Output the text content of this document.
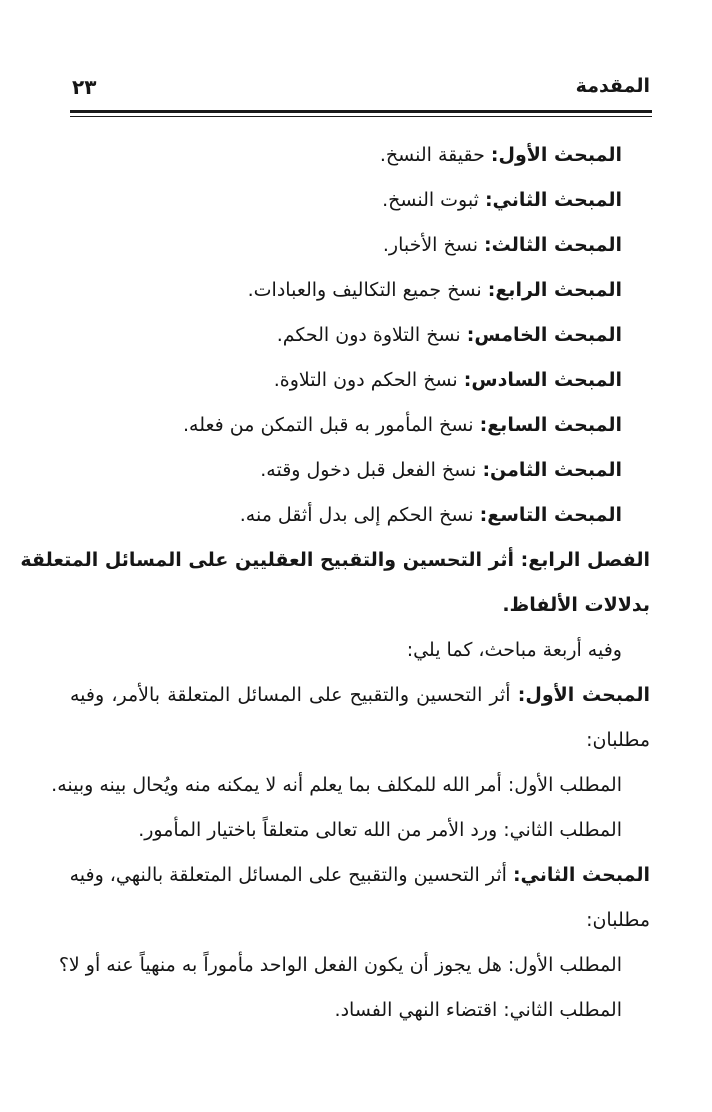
المقدمة
٢٣
المبحث الأول: حقيقة النسخ.
المبحث الثاني: ثبوت النسخ.
المبحث الثالث: نسخ الأخبار.
المبحث الرابع: نسخ جميع التكاليف والعبادات.
المبحث الخامس: نسخ التلاوة دون الحكم.
المبحث السادس: نسخ الحكم دون التلاوة.
المبحث السابع: نسخ المأمور به قبل التمكن من فعله.
المبحث الثامن: نسخ الفعل قبل دخول وقته.
المبحث التاسع: نسخ الحكم إلى بدل أثقل منه.
الفصل الرابع: أثر التحسين والتقبيح العقليين على المسائل المتعلقة
بدلالات الألفاظ.
وفيه أربعة مباحث، كما يلي:
المبحث الأول: أثر التحسين والتقبيح على المسائل المتعلقة بالأمر، وفيه
مطلبان:
المطلب الأول: أمر الله للمكلف بما يعلم أنه لا يمكنه منه ويُحال بينه وبينه.
المطلب الثاني: ورد الأمر من الله تعالى متعلقاً باختيار المأمور.
المبحث الثاني: أثر التحسين والتقبيح على المسائل المتعلقة بالنهي، وفيه
مطلبان:
المطلب الأول: هل يجوز أن يكون الفعل الواحد مأموراً به منهياً عنه أو لا؟
المطلب الثاني: اقتضاء النهي الفساد.
